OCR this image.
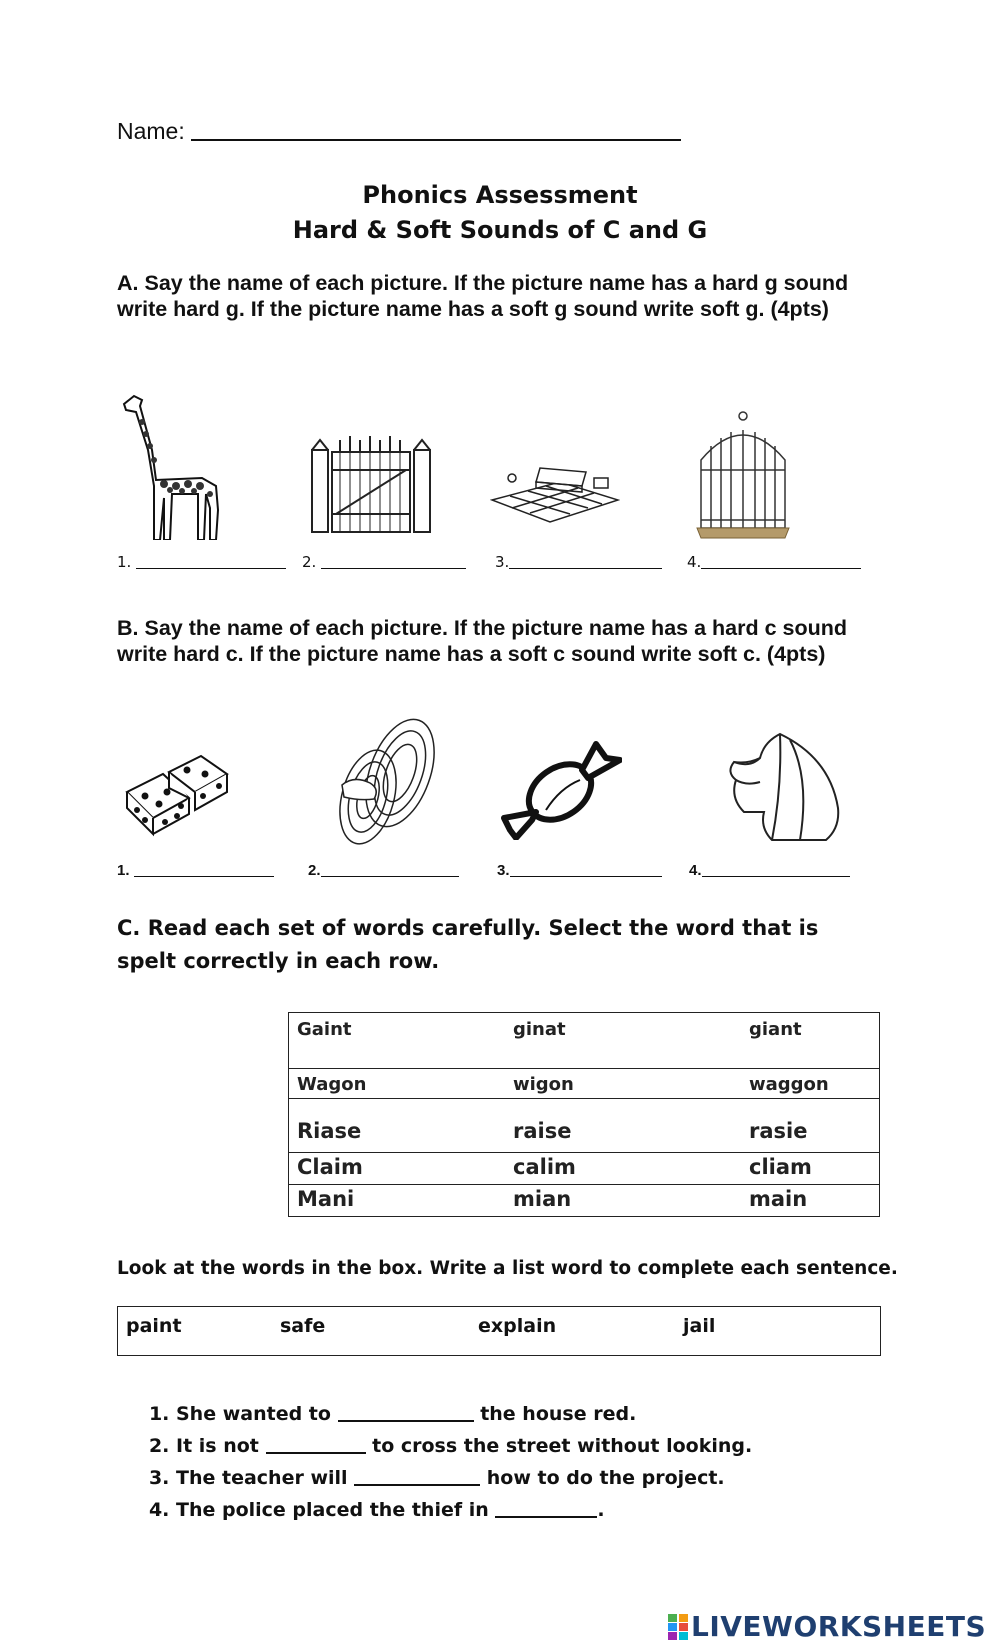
Name:
Phonics Assessment
Hard & Soft Sounds of C and G
A. Say the name of each picture. If the picture name has a hard g sound write hard g. If the picture name has a soft g sound write soft g. (4pts)
1.	2.	3.	4.
B. Say the name of each picture. If the picture name has a hard c sound write hard c. If the picture name has a soft c sound write soft c. (4pts)
1.	2.	3.	4.
C. Read each set of words carefully. Select the word that is spelt correctly in each row.
Gaint	ginat	giant
Wagon	wigon	waggon
Riase	raise	rasie
Claim	calim	cliam
Mani	mian	main
Look at the words in the box. Write a list word to complete each sentence.
paint	safe	explain	jail
1. She wanted to	the house red.
2. It is not	to cross the street without looking.
3. The teacher will	how to do the project.
4. The police placed the thief in	.
LIVEWORKSHEETS
